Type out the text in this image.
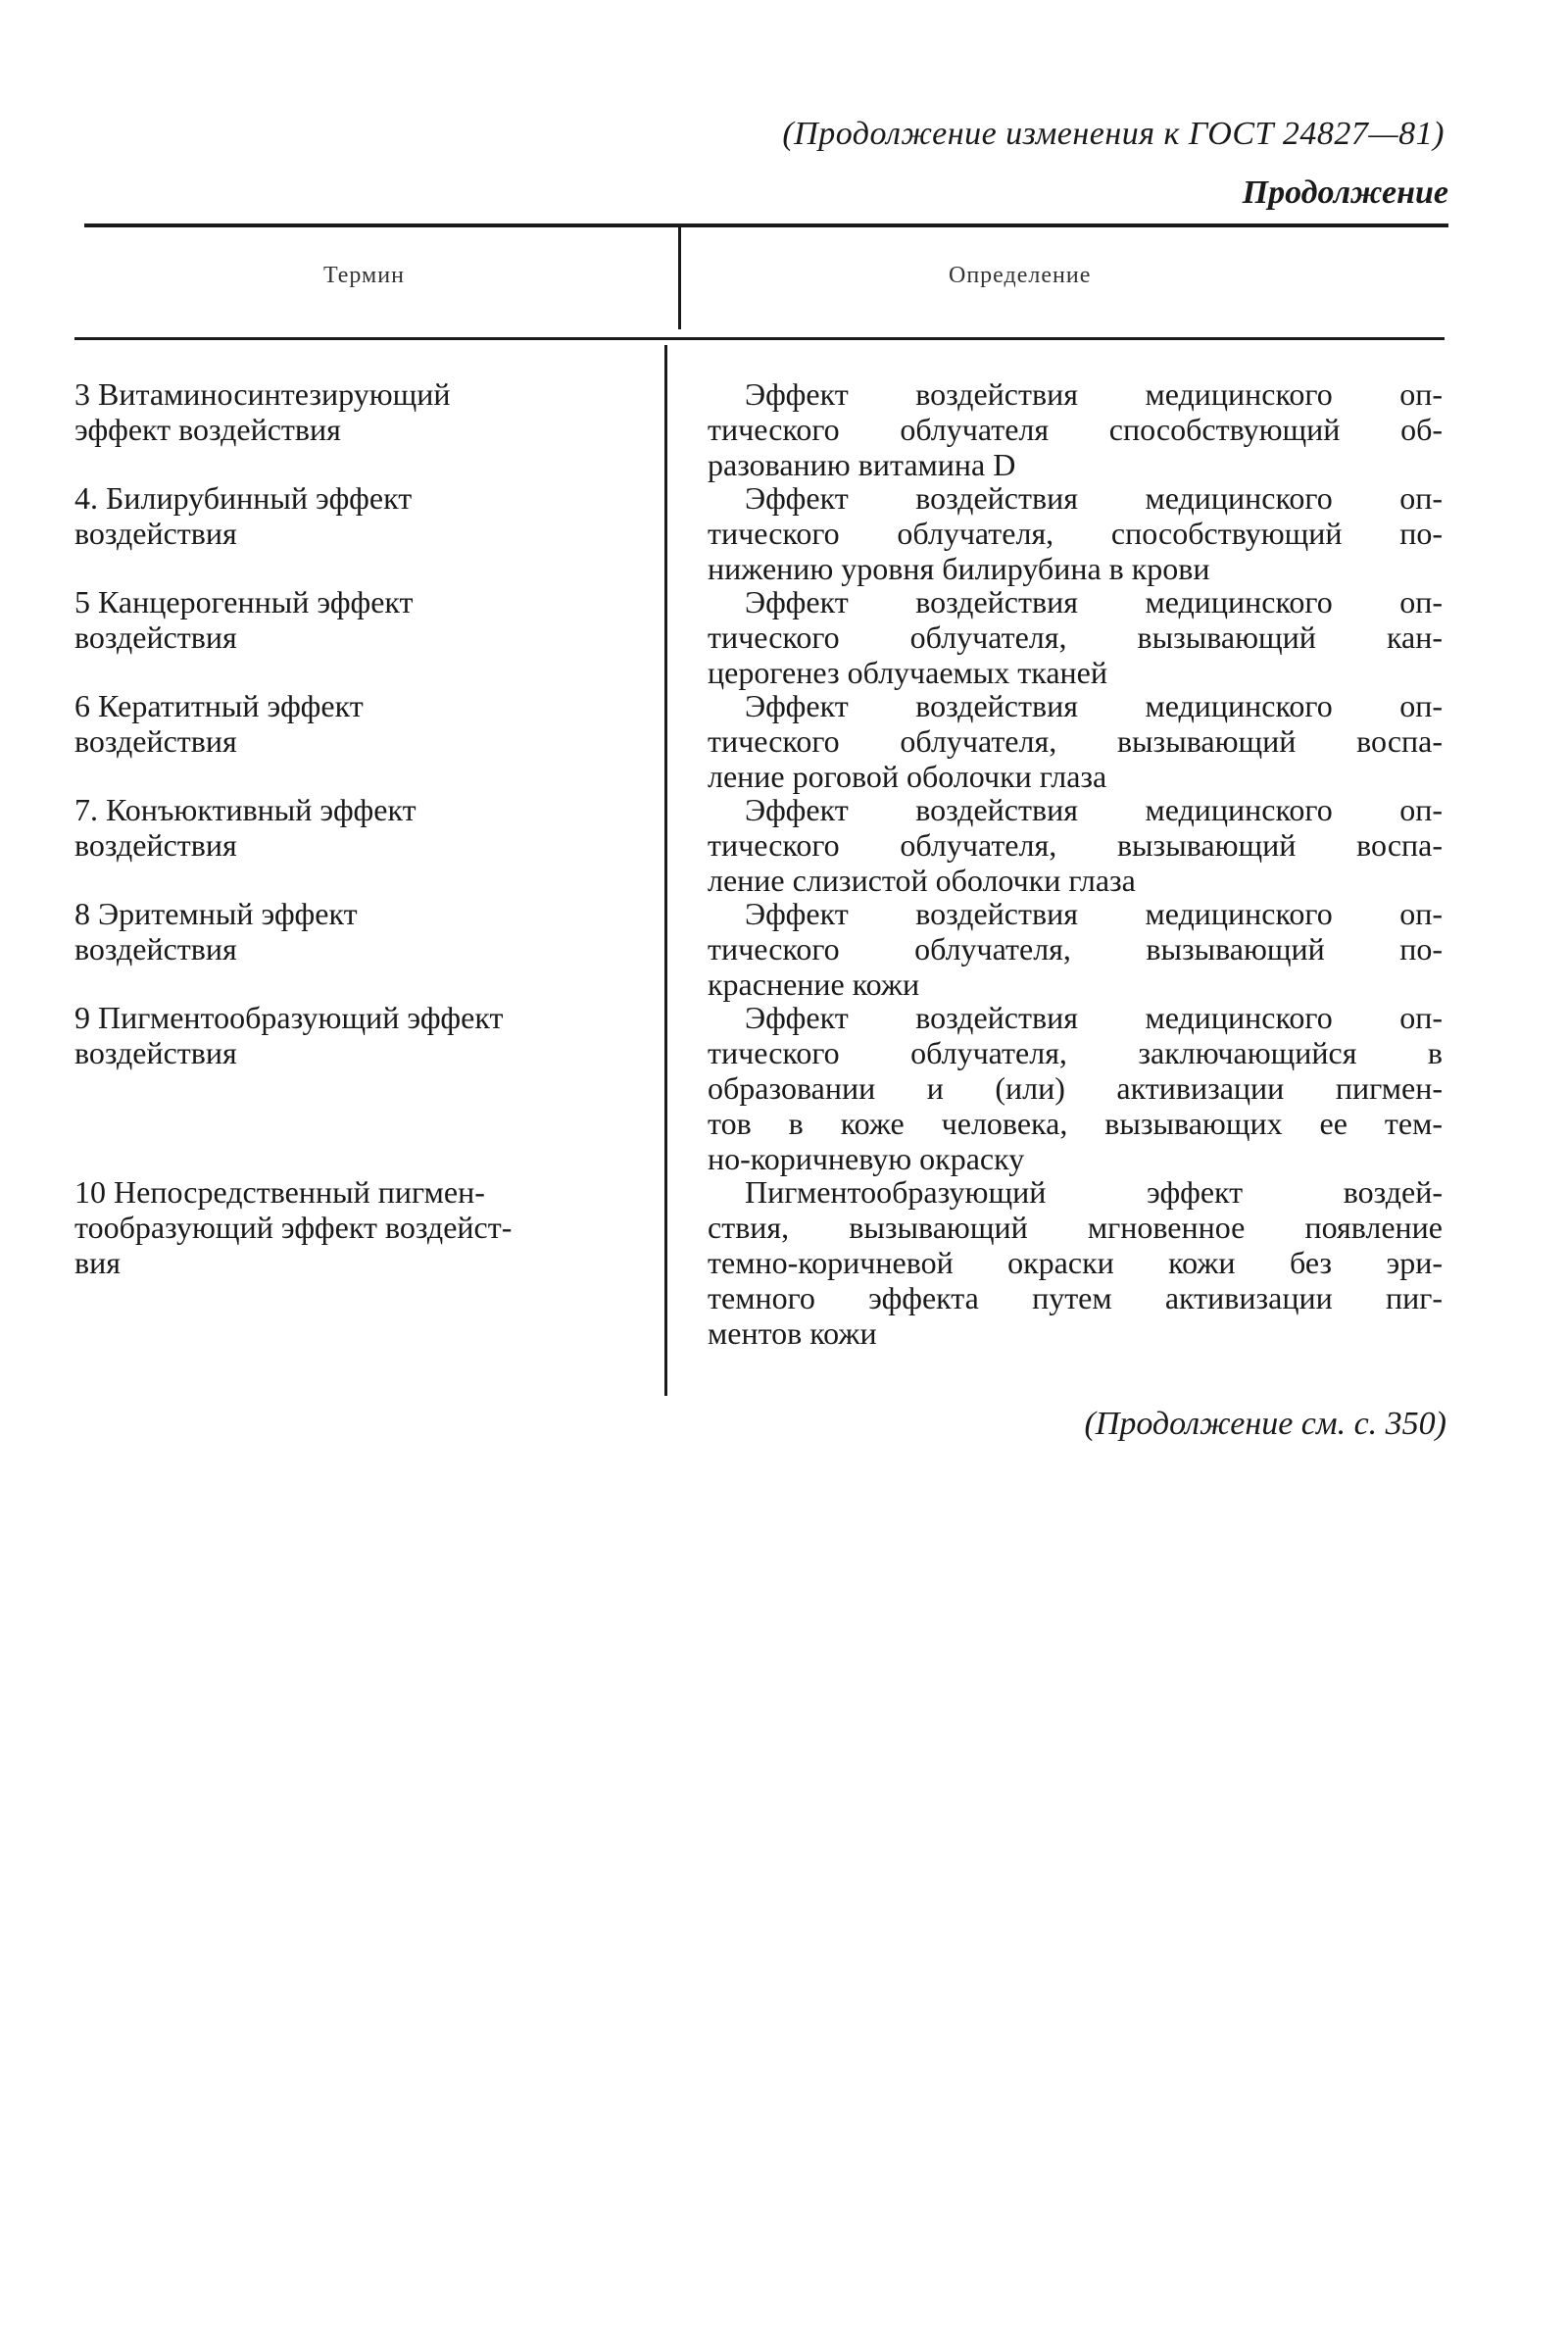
(Продолжение изменения к ГОСТ 24827—81)
Продолжение
Термин	Определение
3 Витаминосинтезирующий
эффект воздействия
Эффект воздействия медицинского оп-
тического облучателя способствующий об-
разованию витамина D
4. Билирубинный эффект
воздействия
Эффект воздействия медицинского оп-
тического облучателя, способствующий по-
нижению уровня билирубина в крови
5 Канцерогенный эффект
воздействия
Эффект воздействия медицинского оп-
тического облучателя, вызывающий кан-
церогенез облучаемых тканей
6 Кератитный эффект
воздействия
Эффект воздействия медицинского оп-
тического облучателя, вызывающий воспа-
ление роговой оболочки глаза
7. Конъюктивный эффект
воздействия
Эффект воздействия медицинского оп-
тического облучателя, вызывающий воспа-
ление слизистой оболочки глаза
8 Эритемный эффект
воздействия
Эффект воздействия медицинского оп-
тического облучателя, вызывающий по-
краснение кожи
9 Пигментообразующий эффект
воздействия
Эффект воздействия медицинского оп-
тического облучателя, заключающийся в
образовании и (или) активизации пигмен-
тов в коже человека, вызывающих ее тем-
но-коричневую окраску
10 Непосредственный пигмен-
тообразующий эффект воздейст-
вия
Пигментообразующий эффект воздей-
ствия, вызывающий мгновенное появление
темно-коричневой окраски кожи без эри-
темного эффекта путем активизации пиг-
ментов кожи
(Продолжение см. с. 350)
